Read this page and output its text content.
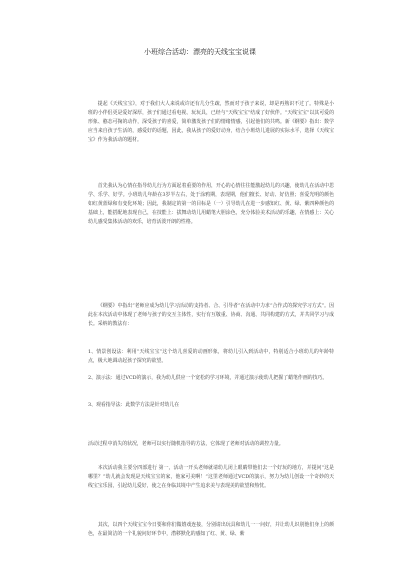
小班综合活动：漂亮的天线宝宝说课

提起《天线宝宝》，对于我们大人来说或许还有几分生疏，然而对于孩子来说，却是再熟识不过了。特殊是小班的小伴侣更是爱好深厚，孩子们通过看电视、玩玩具，已经与“天线宝宝”结成了好伙伴。“天线宝宝”以其可爱的形象、憨态可掬的动作，深受孩子的喜爱，简单激发孩子们的情绪情感，引起他们的共鸣。新《纲要》指出：数学应当来自孩子生活的，感爱好的话题，因此，我从孩子的爱好动身，结合小班幼儿进展的实际水平，选择《天线宝宝》作为我活动的题材。

首先我认为心情在指导幼儿行为方面起着重要的作用，开心的心情往往能激起幼儿的兴趣，使幼儿在活动中思学、乐学、好学。小班幼儿年龄在3岁半左右，处于涂鸦期，表现期，他们擅长、好动、好仿照；喜爱光明的颜色如红黄蓝绿和有变化环境；因此，我制定的第一的目标是（一）引导幼儿在进一步感知红、黄、绿、紫四种颜色的基础上，能搭配地表现自己，在技能上：拔舞动幼儿用蜡笔大胆涂色，充分体验美术活动的乐趣，在情感上：关心幼儿感受集体活动的欢乐，培育活泼开朗的性格。

《纲要》中指出“老师应成为幼儿学习活动的支持者、合、引导者”在活动中力求“合作式的探究学习方式”。因此在本次活动中体现了老师与孩子的交互主体性，实行有互敬重、协商、沟通、共同构建的方式，并共同学习与成长。采纳的教法有：

1、情景创设法：利用“天线宝宝”这个幼儿喜爱的动画形象，将幼儿引入到活动中，特别适合小班幼儿的年龄特点，极大地调动起孩子探究的欲望。

2、演示法：通过VCD的演示，我为幼儿供应一个宽松的学习环境，并通过演示使幼儿把握了蜡笔作画的技巧。

3、观看指导法：此数学方法是针对幼儿在

活动过程中消失的状况，老师可以实行随机指导的方法，它体现了老师对活动的调控力量。

本次活动我主要分四部进行 第一，活动一开头老师就请幼儿闭上眼睛带他们去一个好玩的地方，并提问“这是哪里？”幼儿就会发现是天线宝宝的家，他家可美啊！“这里老师通过VCD的演示，努力为幼儿创设一个奇妙的天线宝宝乐园，引起幼儿爱好，使之在身临其境中产生追求美与表现美的欲望和热忱。

其次，以四个天线宝宝今日要和你们做嬉戏连接，分别请出玩具和幼儿一一问好，并让幼儿识别他们身上的颜色，在最简洁的一个礼貌问好环节中，潜移默化的感知了红、黄、绿、紫
